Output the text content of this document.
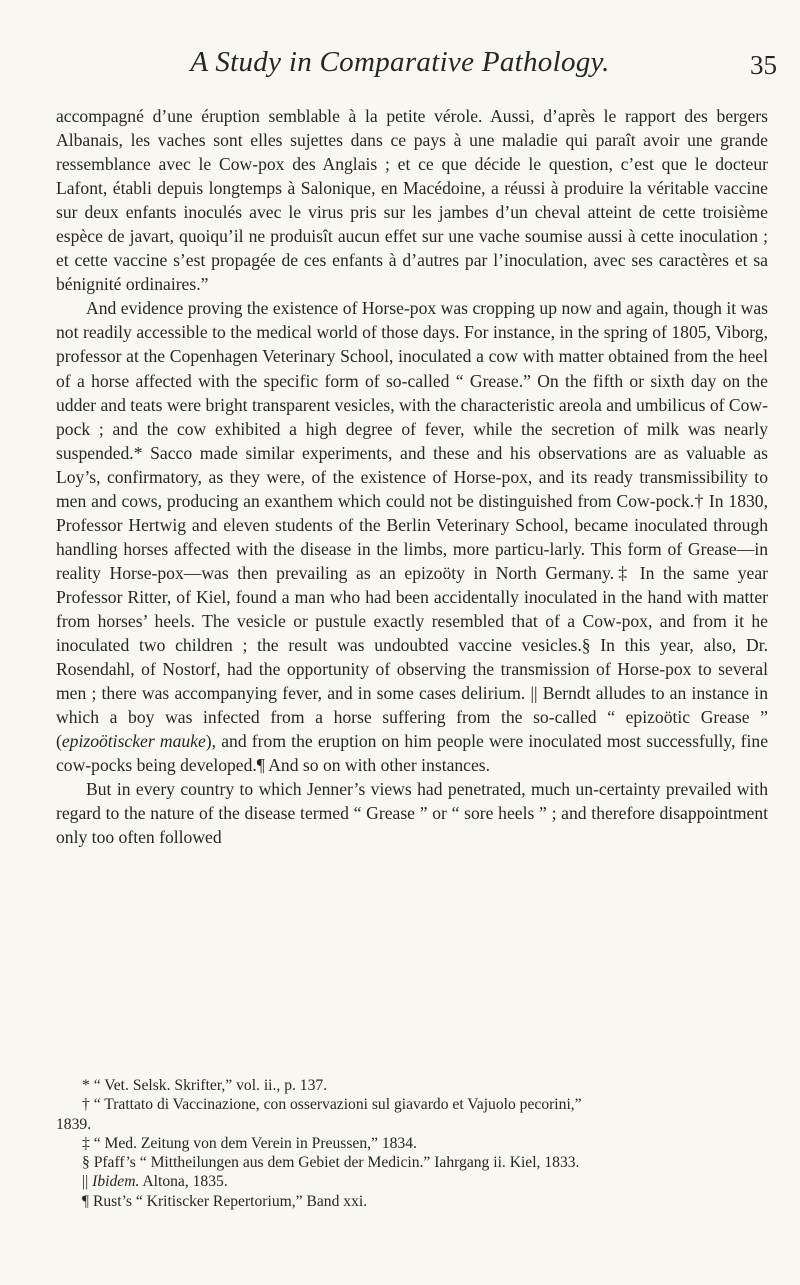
A Study in Comparative Pathology.	35

accompagné d’une éruption semblable à la petite vérole. Aussi, d’après le rapport des bergers Albanais, les vaches sont elles sujettes dans ce pays à une maladie qui paraît avoir une grande ressemblance avec le Cow-pox des Anglais ; et ce que décide le question, c’est que le docteur Lafont, établi depuis longtemps à Salonique, en Macédoine, a réussi à produire la véritable vaccine sur deux enfants inoculés avec le virus pris sur les jambes d’un cheval atteint de cette troisième espèce de javart, quoiqu’il ne produisît aucun effet sur une vache soumise aussi à cette inoculation ; et cette vaccine s’est propagée de ces enfants à d’autres par l’inoculation, avec ses caractères et sa bénignité ordinaires.”

And evidence proving the existence of Horse-pox was cropping up now and again, though it was not readily accessible to the medical world of those days. For instance, in the spring of 1805, Viborg, professor at the Copenhagen Veterinary School, inoculated a cow with matter obtained from the heel of a horse affected with the specific form of so-called “ Grease.” On the fifth or sixth day on the udder and teats were bright transparent vesicles, with the characteristic areola and umbilicus of Cow-pock ; and the cow exhibited a high degree of fever, while the secretion of milk was nearly suspended.* Sacco made similar experiments, and these and his observations are as valuable as Loy’s, confirmatory, as they were, of the existence of Horse-pox, and its ready transmissibility to men and cows, producing an exanthem which could not be distinguished from Cow-pock.† In 1830, Professor Hertwig and eleven students of the Berlin Veterinary School, became inoculated through handling horses affected with the disease in the limbs, more particu-larly. This form of Grease—in reality Horse-pox—was then prevailing as an epizoöty in North Germany.‡ In the same year Professor Ritter, of Kiel, found a man who had been accidentally inoculated in the hand with matter from horses’ heels. The vesicle or pustule exactly resembled that of a Cow-pox, and from it he inoculated two children ; the result was undoubted vaccine vesicles.§ In this year, also, Dr. Rosendahl, of Nostorf, had the opportunity of observing the transmission of Horse-pox to several men ; there was accompanying fever, and in some cases delirium. || Berndt alludes to an instance in which a boy was infected from a horse suffering from the so-called “ epizoötic Grease ” (epizoötiscker mauke), and from the eruption on him people were inoculated most successfully, fine cow-pocks being developed.¶ And so on with other instances.

But in every country to which Jenner’s views had penetrated, much un-certainty prevailed with regard to the nature of the disease termed “ Grease ” or “ sore heels ” ; and therefore disappointment only too often followed

* “ Vet. Selsk. Skrifter,” vol. ii., p. 137.

† “ Trattato di Vaccinazione, con osservazioni sul giavardo et Vajuolo pecorini,”

1839.

‡ “ Med. Zeitung von dem Verein in Preussen,” 1834.

§ Pfaff’s “ Mittheilungen aus dem Gebiet der Medicin.” Iahrgang ii. Kiel, 1833.

|| Ibidem. Altona, 1835.

¶ Rust’s “ Kritiscker Repertorium,” Band xxi.
